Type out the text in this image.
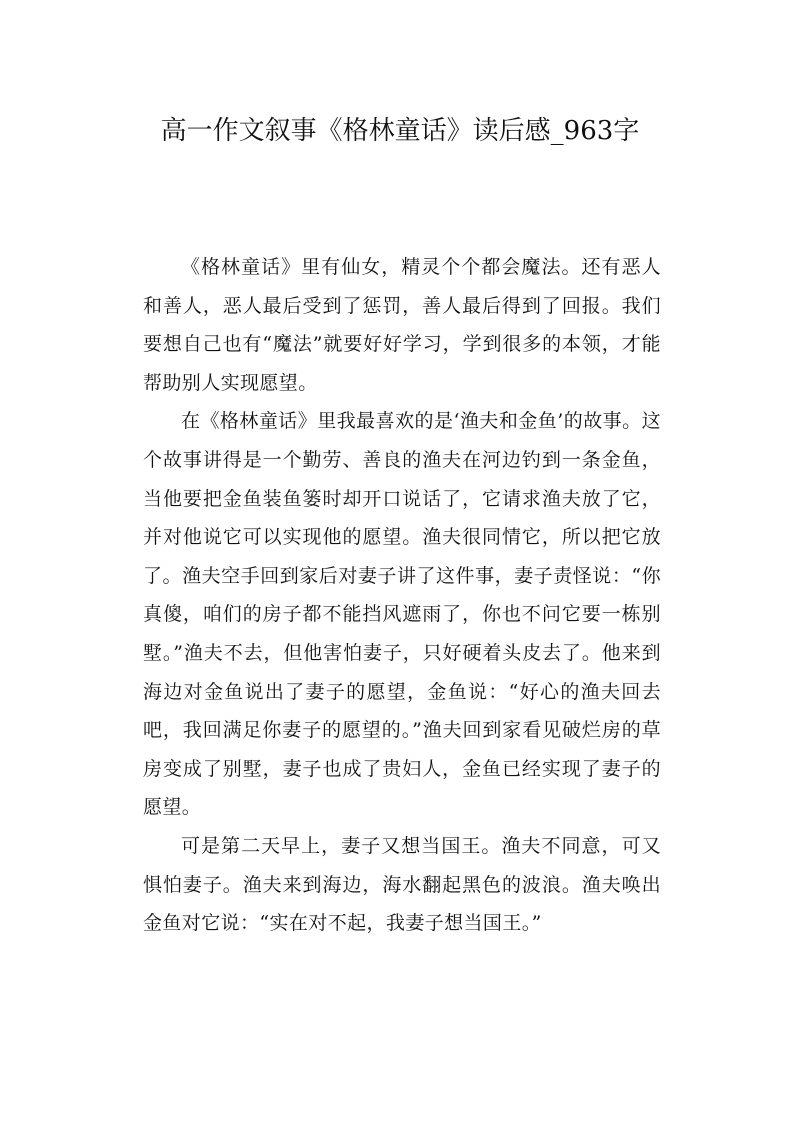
高一作文叙事《格林童话》读后感_963字

《格林童话》里有仙女，精灵个个都会魔法。还有恶人和善人，恶人最后受到了惩罚，善人最后得到了回报。我们要想自己也有“魔法”就要好好学习，学到很多的本领，才能帮助别人实现愿望。

在《格林童话》里我最喜欢的是‘渔夫和金鱼’的故事。这个故事讲得是一个勤劳、善良的渔夫在河边钓到一条金鱼，当他要把金鱼装鱼篓时却开口说话了，它请求渔夫放了它，并对他说它可以实现他的愿望。渔夫很同情它，所以把它放了。渔夫空手回到家后对妻子讲了这件事，妻子责怪说：“你真傻，咱们的房子都不能挡风遮雨了，你也不问它要一栋别墅。”渔夫不去，但他害怕妻子，只好硬着头皮去了。他来到海边对金鱼说出了妻子的愿望，金鱼说：“好心的渔夫回去吧，我回满足你妻子的愿望的。”渔夫回到家看见破烂房的草房变成了别墅，妻子也成了贵妇人，金鱼已经实现了妻子的愿望。

可是第二天早上，妻子又想当国王。渔夫不同意，可又惧怕妻子。渔夫来到海边，海水翻起黑色的波浪。渔夫唤出金鱼对它说：“实在对不起，我妻子想当国王。”
